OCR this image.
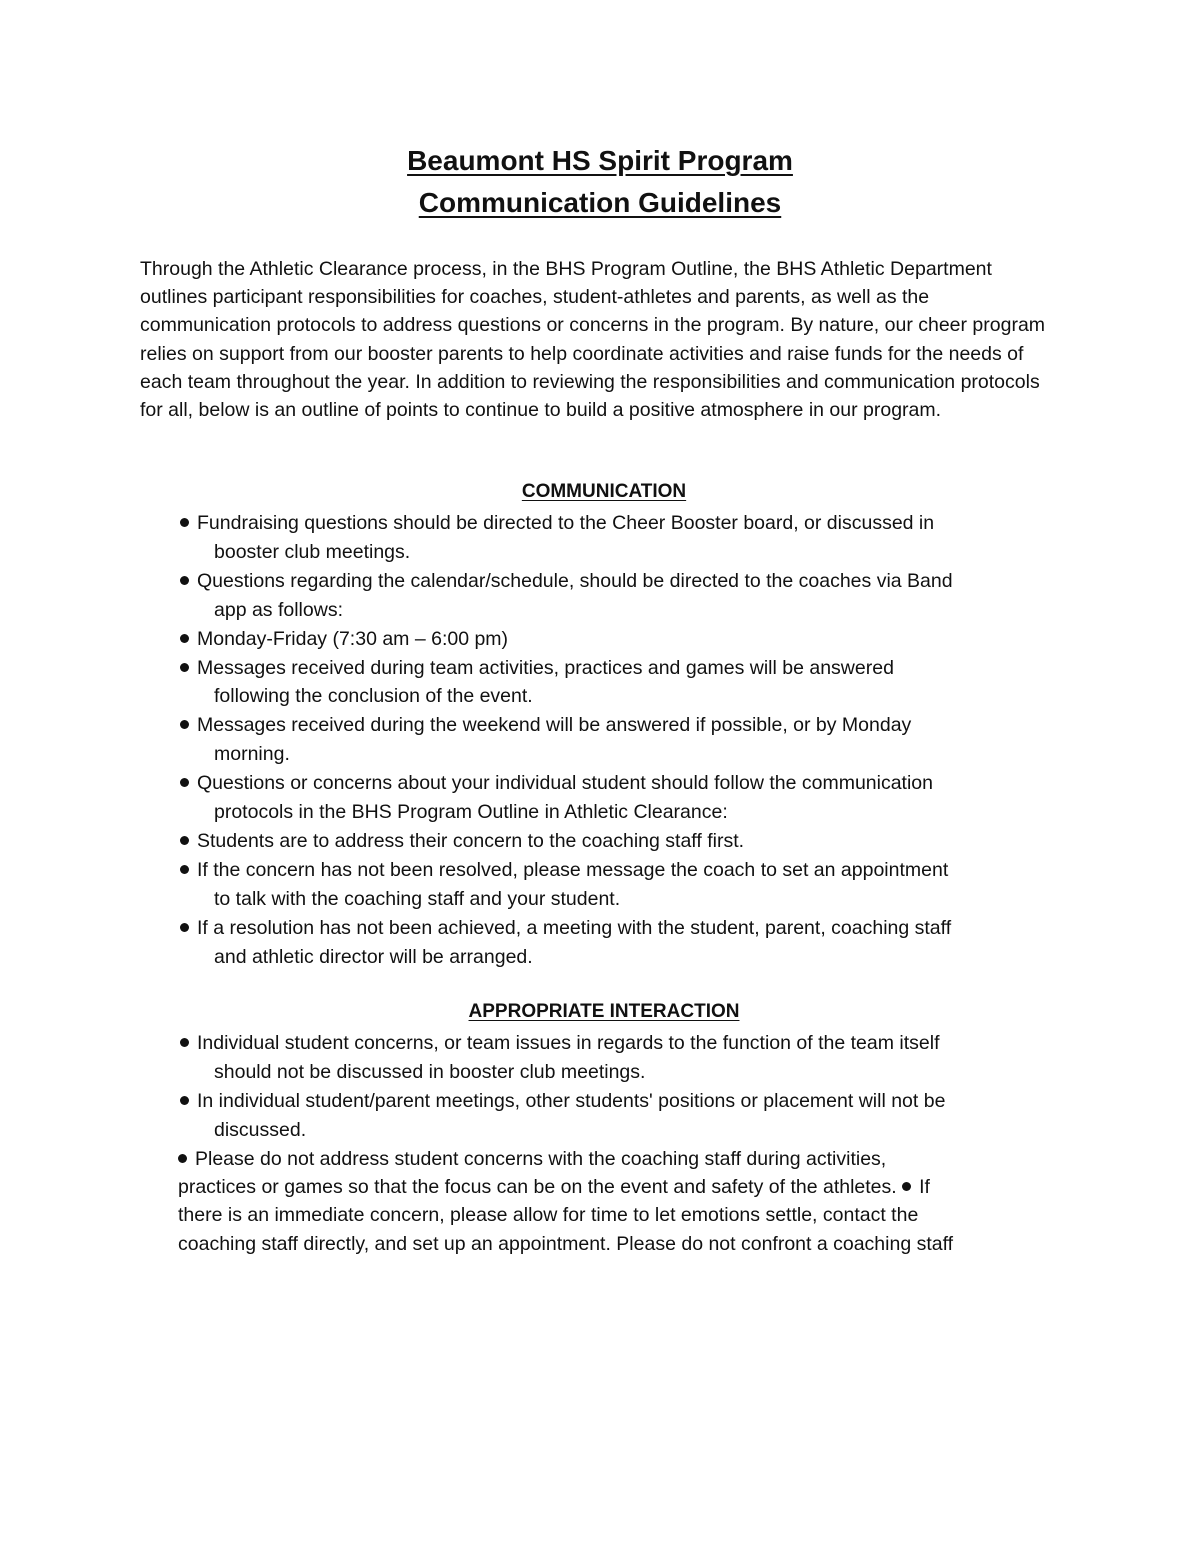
Beaumont HS Spirit Program

Communication Guidelines

Through the Athletic Clearance process, in the BHS Program Outline, the BHS Athletic Department outlines participant responsibilities for coaches, student-athletes and parents, as well as the communication protocols to address questions or concerns in the program. By nature, our cheer program relies on support from our booster parents to help coordinate activities and raise funds for the needs of each team throughout the year. In addition to reviewing the responsibilities and communication protocols for all, below is an outline of points to continue to build a positive atmosphere in our program.

COMMUNICATION
Fundraising questions should be directed to the Cheer Booster board, or discussed in
booster club meetings.
Questions regarding the calendar/schedule, should be directed to the coaches via Band
app as follows:
Monday-Friday (7:30 am – 6:00 pm)
Messages received during team activities, practices and games will be answered
following the conclusion of the event.
Messages received during the weekend will be answered if possible, or by Monday
morning.
Questions or concerns about your individual student should follow the communication
protocols in the BHS Program Outline in Athletic Clearance:
Students are to address their concern to the coaching staff first.
If the concern has not been resolved, please message the coach to set an appointment
to talk with the coaching staff and your student.
If a resolution has not been achieved, a meeting with the student, parent, coaching staff
and athletic director will be arranged.
APPROPRIATE INTERACTION
Individual student concerns, or team issues in regards to the function of the team itself
should not be discussed in booster club meetings.
In individual student/parent meetings, other students' positions or placement will not be
discussed.

Please do not address student concerns with the coaching staff during activities,
practices or games so that the focus can be on the event and safety of the athletes. If
there is an immediate concern, please allow for time to let emotions settle, contact the
coaching staff directly, and set up an appointment. Please do not confront a coaching staff
